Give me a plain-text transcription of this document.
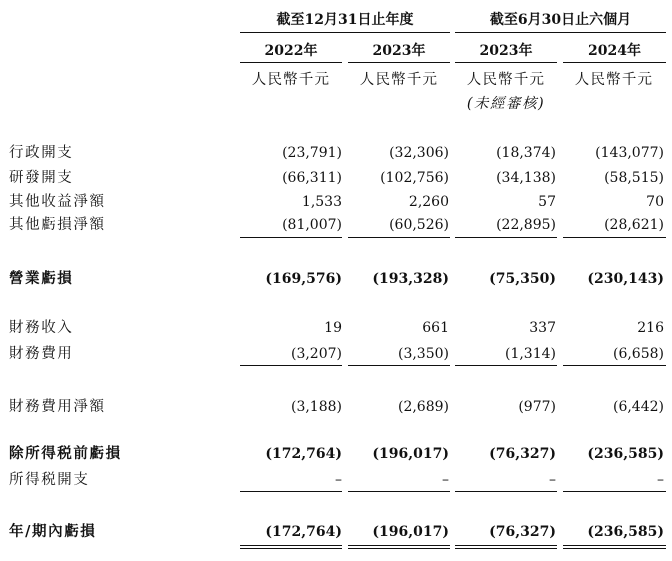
截至12月31日止年度	截至6月30日止六個月
2022年	2023年	2023年	2024年
人民幣千元	人民幣千元	人民幣千元	人民幣千元
(未經審核)
行政開支	(23,791)	(32,306)	(18,374)	(143,077)
研發開支	(66,311)	(102,756)	(34,138)	(58,515)
其他收益淨額	1,533	2,260	57	70
其他虧損淨額	(81,007)	(60,526)	(22,895)	(28,621)
營業虧損	(169,576)	(193,328)	(75,350)	(230,143)
財務收入	19	661	337	216
財務費用	(3,207)	(3,350)	(1,314)	(6,658)
財務費用淨額	(3,188)	(2,689)	(977)	(6,442)
除所得税前虧損	(172,764)	(196,017)	(76,327)	(236,585)
所得税開支	–	–	–	–
年/期內虧損	(172,764)	(196,017)	(76,327)	(236,585)
